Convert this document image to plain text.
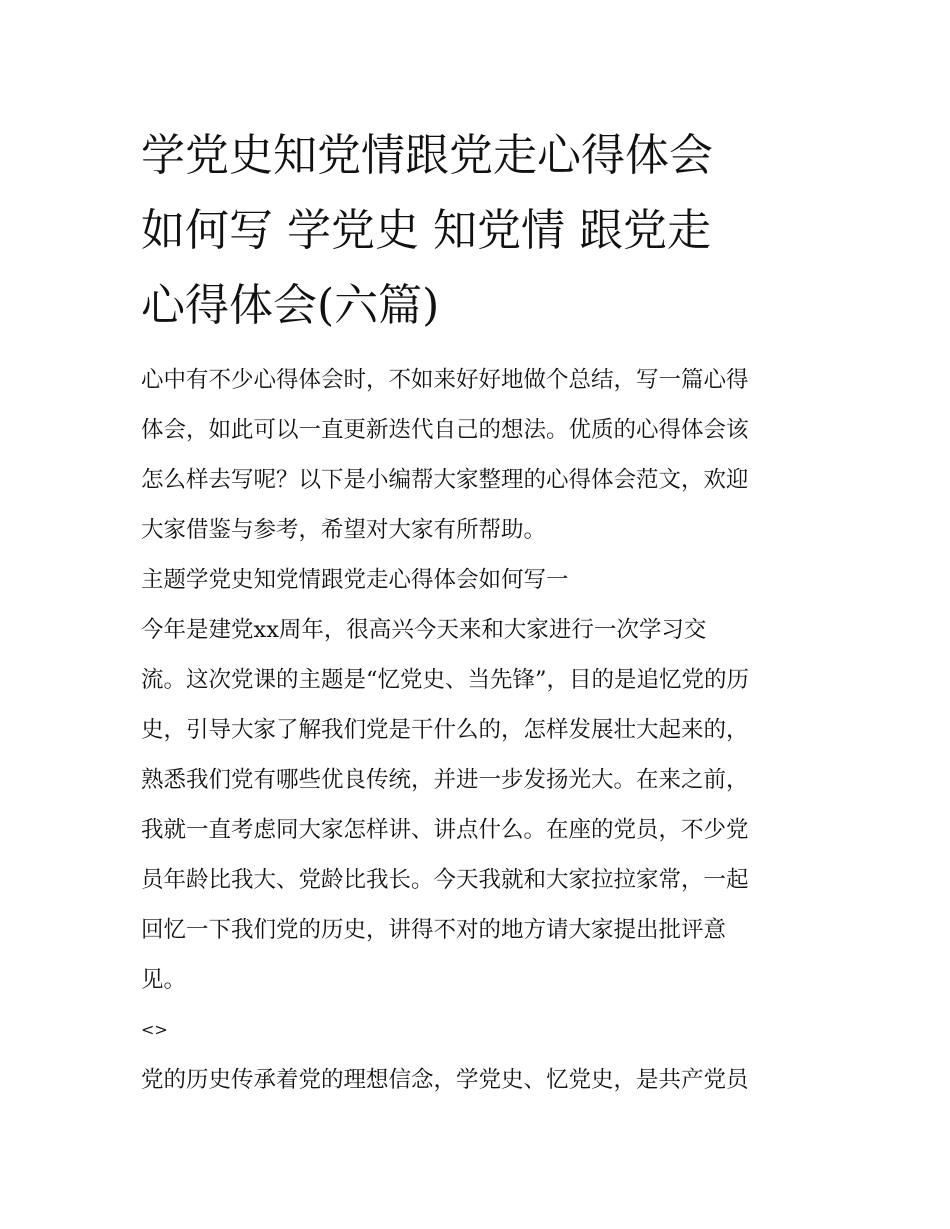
学党史知党情跟党走心得体会
如何写 学党史 知党情 跟党走
心得体会(六篇)

心中有不少心得体会时，不如来好好地做个总结，写一篇心得
体会，如此可以一直更新迭代自己的想法。优质的心得体会该
怎么样去写呢？以下是小编帮大家整理的心得体会范文，欢迎
大家借鉴与参考，希望对大家有所帮助。

主题学党史知党情跟党走心得体会如何写一

今年是建党xx周年，很高兴今天来和大家进行一次学习交
流。这次党课的主题是“忆党史、当先锋”，目的是追忆党的历
史，引导大家了解我们党是干什么的，怎样发展壮大起来的，
熟悉我们党有哪些优良传统，并进一步发扬光大。在来之前，
我就一直考虑同大家怎样讲、讲点什么。在座的党员，不少党
员年龄比我大、党龄比我长。今天我就和大家拉拉家常，一起
回忆一下我们党的历史，讲得不对的地方请大家提出批评意
见。

<>

党的历史传承着党的理想信念，学党史、忆党史，是共产党员
